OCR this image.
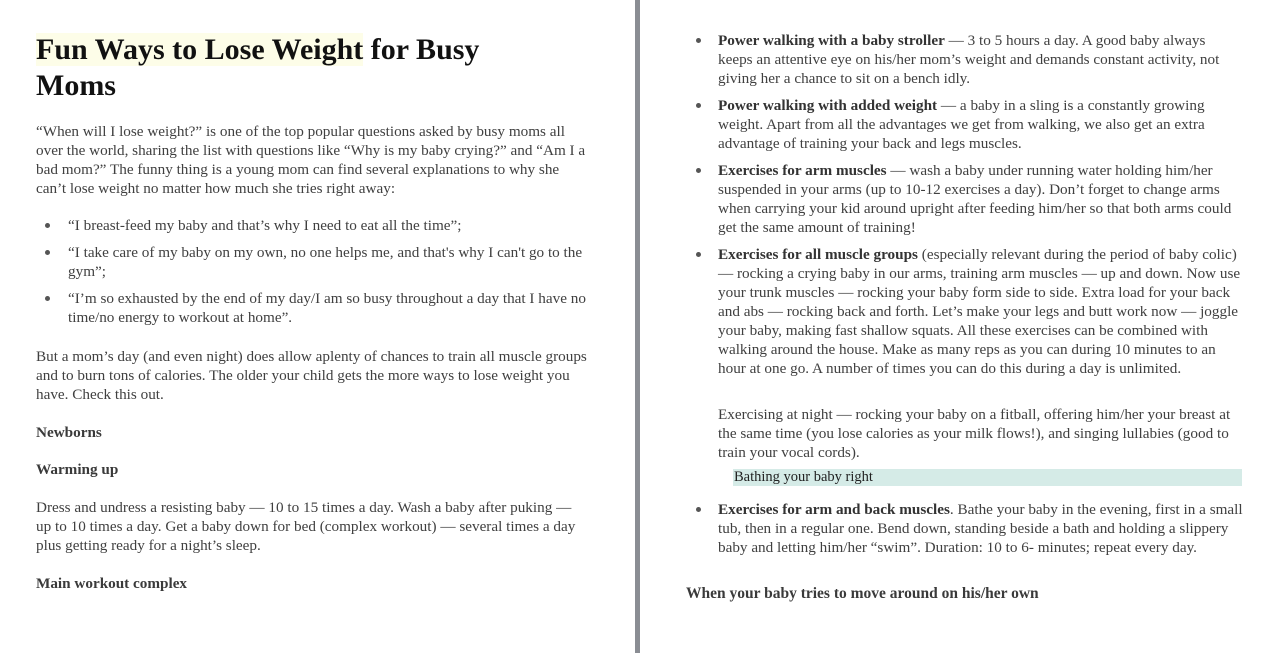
Fun Ways to Lose Weight for Busy Moms

“When will I lose weight?” is one of the top popular questions asked by busy moms all over the world, sharing the list with questions like “Why is my baby crying?” and “Am I a bad mom?” The funny thing is a young mom can find several explanations to why she can’t lose weight no matter how much she tries right away:

“I breast-feed my baby and that’s why I need to eat all the time”;
“I take care of my baby on my own, no one helps me, and that's why I can't go to the gym”;
“I’m so exhausted by the end of my day/I am so busy throughout a day that I have no time/no energy to workout at home”.

But a mom’s day (and even night) does allow aplenty of chances to train all muscle groups and to burn tons of calories. The older your child gets the more ways to lose weight you have. Check this out.

Newborns

Warming up

Dress and undress a resisting baby — 10 to 15 times a day. Wash a baby after puking — up to 10 times a day. Get a baby down for bed (complex workout) — several times a day plus getting ready for a night’s sleep.

Main workout complex

Power walking with a baby stroller — 3 to 5 hours a day. A good baby always keeps an attentive eye on his/her mom’s weight and demands constant activity, not giving her a chance to sit on a bench idly.
Power walking with added weight — a baby in a sling is a constantly growing weight. Apart from all the advantages we get from walking, we also get an extra advantage of training your back and legs muscles.
Exercises for arm muscles — wash a baby under running water holding him/her suspended in your arms (up to 10-12 exercises a day). Don’t forget to change arms when carrying your kid around upright after feeding him/her so that both arms could get the same amount of training!
Exercises for all muscle groups (especially relevant during the period of baby colic) — rocking a crying baby in our arms, training arm muscles — up and down. Now use your trunk muscles — rocking your baby form side to side. Extra load for your back and abs — rocking back and forth. Let’s make your legs and butt work now — joggle your baby, making fast shallow squats. All these exercises can be combined with walking around the house. Make as many reps as you can during 10 minutes to an hour at one go. A number of times you can do this during a day is unlimited.

Exercising at night — rocking your baby on a fitball, offering him/her your breast at the same time (you lose calories as your milk flows!), and singing lullabies (good to train your vocal cords).

Bathing your baby right
Exercises for arm and back muscles. Bathe your baby in the evening, first in a small tub, then in a regular one. Bend down, standing beside a bath and holding a slippery baby and letting him/her “swim”. Duration: 10 to 6- minutes; repeat every day.

When your baby tries to move around on his/her own
